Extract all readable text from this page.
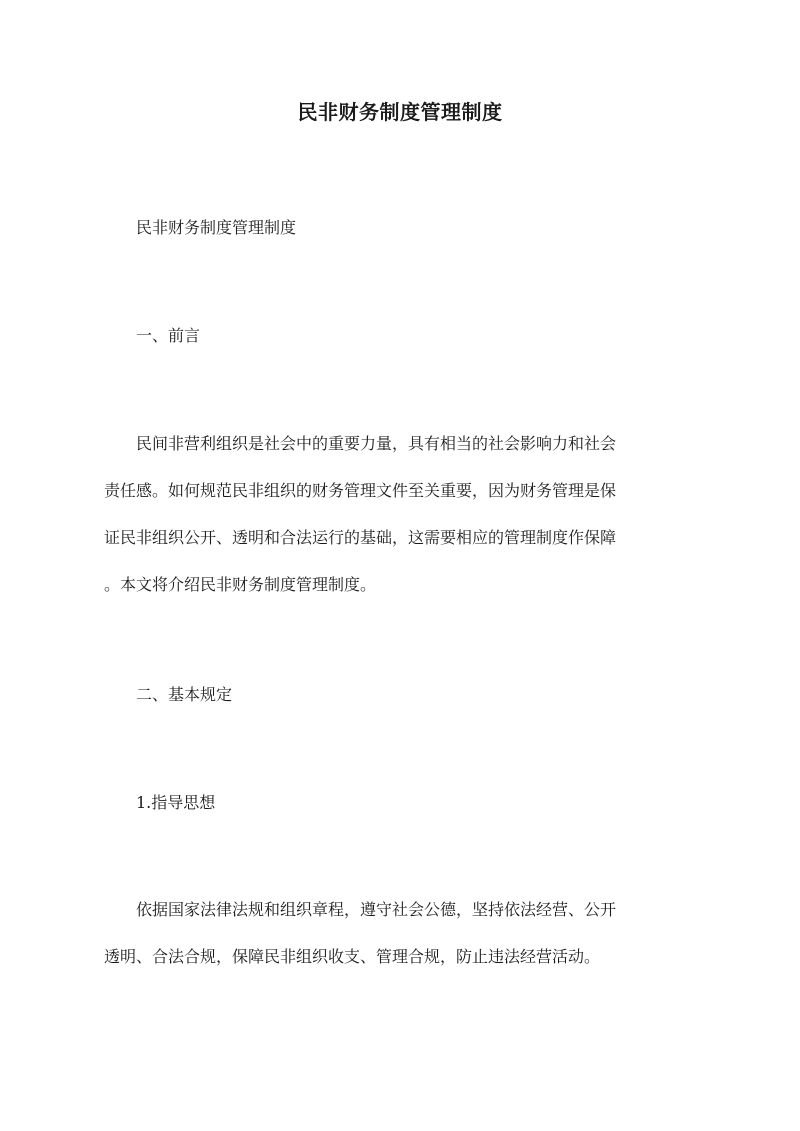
民非财务制度管理制度
民非财务制度管理制度
一、前言
民间非营利组织是社会中的重要力量，具有相当的社会影响力和社会
责任感。如何规范民非组织的财务管理文件至关重要，因为财务管理是保
证民非组织公开、透明和合法运行的基础，这需要相应的管理制度作保障
。本文将介绍民非财务制度管理制度。
二、基本规定
1.指导思想
依据国家法律法规和组织章程，遵守社会公德，坚持依法经营、公开
透明、合法合规，保障民非组织收支、管理合规，防止违法经营活动。
